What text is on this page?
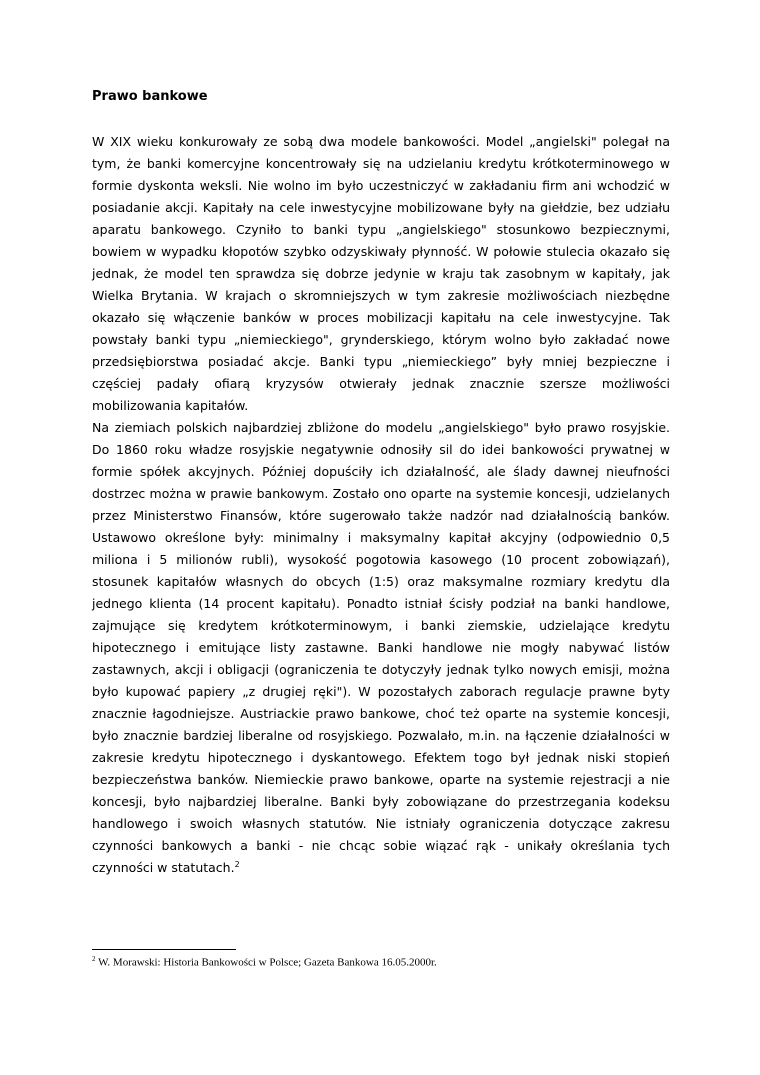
Prawo bankowe

W XIX wieku konkurowały ze sobą dwa modele bankowości. Model „angielski" polegał na tym, że banki komercyjne koncentrowały się na udzielaniu kredytu krótkoterminowego w formie dyskonta weksli. Nie wolno im było uczestniczyć w zakładaniu firm ani wchodzić w posiadanie akcji. Kapitały na cele inwestycyjne mobilizowane były na giełdzie, bez udziału aparatu bankowego. Czyniło to banki typu „angielskiego" stosunkowo bezpiecznymi, bowiem w wypadku kłopotów szybko odzyskiwały płynność. W połowie stulecia okazało się jednak, że model ten sprawdza się dobrze jedynie w kraju tak zasobnym w kapitały, jak Wielka Brytania. W krajach o skromniejszych w tym zakresie możliwościach niezbędne okazało się włączenie banków w proces mobilizacji kapitału na cele inwestycyjne. Tak powstały banki typu „niemieckiego", grynderskiego, którym wolno było zakładać nowe przedsiębiorstwa posiadać akcje. Banki typu „niemieckiego” były mniej bezpieczne i częściej padały ofiarą kryzysów otwierały jednak znacznie szersze możliwości mobilizowania kapitałów.

Na ziemiach polskich najbardziej zbliżone do modelu „angielskiego" było prawo rosyjskie. Do 1860 roku władze rosyjskie negatywnie odnosiły sil do idei bankowości prywatnej w formie spółek akcyjnych. Później dopuściły ich działalność, ale ślady dawnej nieufności dostrzec można w prawie bankowym. Zostało ono oparte na systemie koncesji, udzielanych przez Ministerstwo Finansów, które sugerowało także nadzór nad działalnością banków. Ustawowo określone były: minimalny i maksymalny kapitał akcyjny (odpowiednio 0,5 miliona i 5 milionów rubli), wysokość pogotowia kasowego (10 procent zobowiązań), stosunek kapitałów własnych do obcych (1:5) oraz maksymalne rozmiary kredytu dla jednego klienta (14 procent kapitału). Ponadto istniał ścisły podział na banki handlowe, zajmujące się kredytem krótkoterminowym, i banki ziemskie, udzielające kredytu hipotecznego i emitujące listy zastawne. Banki handlowe nie mogły nabywać listów zastawnych, akcji i obligacji (ograniczenia te dotyczyły jednak tylko nowych emisji, można było kupować papiery „z drugiej ręki"). W pozostałych zaborach regulacje prawne byty znacznie łagodniejsze. Austriackie prawo bankowe, choć też oparte na systemie koncesji, było znacznie bardziej liberalne od rosyjskiego. Pozwalało, m.in. na łączenie działalności w zakresie kredytu hipotecznego i dyskantowego. Efektem togo był jednak niski stopień bezpieczeństwa banków. Niemieckie prawo bankowe, oparte na systemie rejestracji a nie koncesji, było najbardziej liberalne. Banki były zobowiązane do przestrzegania kodeksu handlowego i swoich własnych statutów. Nie istniały ograniczenia dotyczące zakresu czynności bankowych a banki - nie chcąc sobie wiązać rąk - unikały określania tych czynności w statutach.$^2$

$^2$ W. Morawski: Historia Bankowości w Polsce; Gazeta Bankowa 16.05.2000r.
